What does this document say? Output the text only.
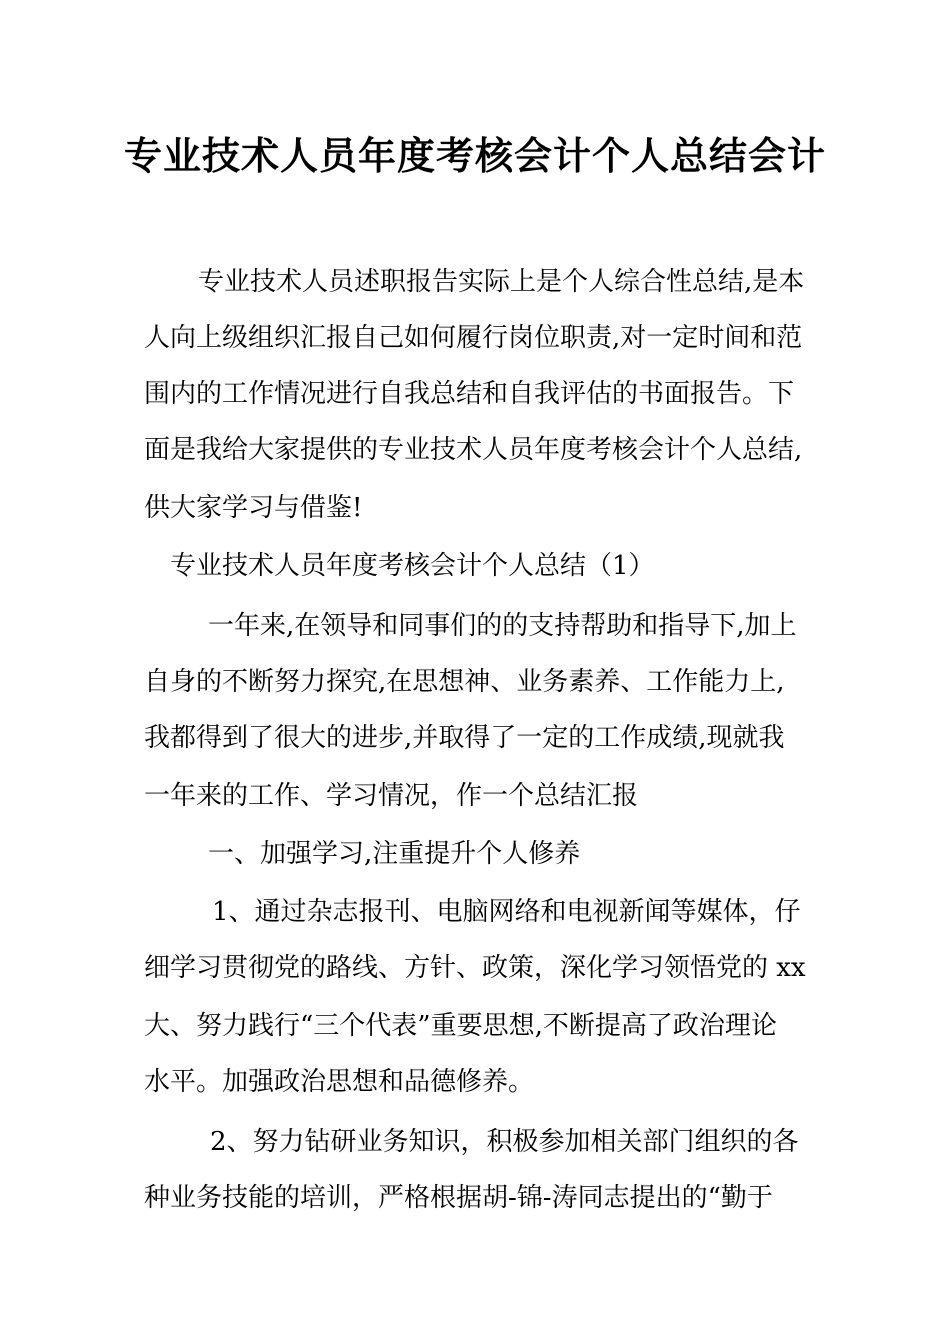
专业技术人员年度考核会计个人总结会计

专业技术人员述职报告实际上是个人综合性总结,是本

人向上级组织汇报自己如何履行岗位职责,对一定时间和范

围内的工作情况进行自我总结和自我评估的书面报告。下

面是我给大家提供的专业技术人员年度考核会计个人总结,

供大家学习与借鉴!

专业技术人员年度考核会计个人总结（1）

一年来,在领导和同事们的的支持帮助和指导下,加上

自身的不断努力探究,在思想神、业务素养、工作能力上,

我都得到了很大的进步,并取得了一定的工作成绩,现就我

一年来的工作、学习情况，作一个总结汇报

一、加强学习,注重提升个人修养

1、通过杂志报刊、电脑网络和电视新闻等媒体，仔

细学习贯彻党的路线、方针、政策，深化学习领悟党的 xx

大、努力践行“三个代表”重要思想,不断提高了政治理论

水平。加强政治思想和品德修养。

2、努力钻研业务知识，积极参加相关部门组织的各

种业务技能的培训，严格根据胡-锦-涛同志提出的“勤于
